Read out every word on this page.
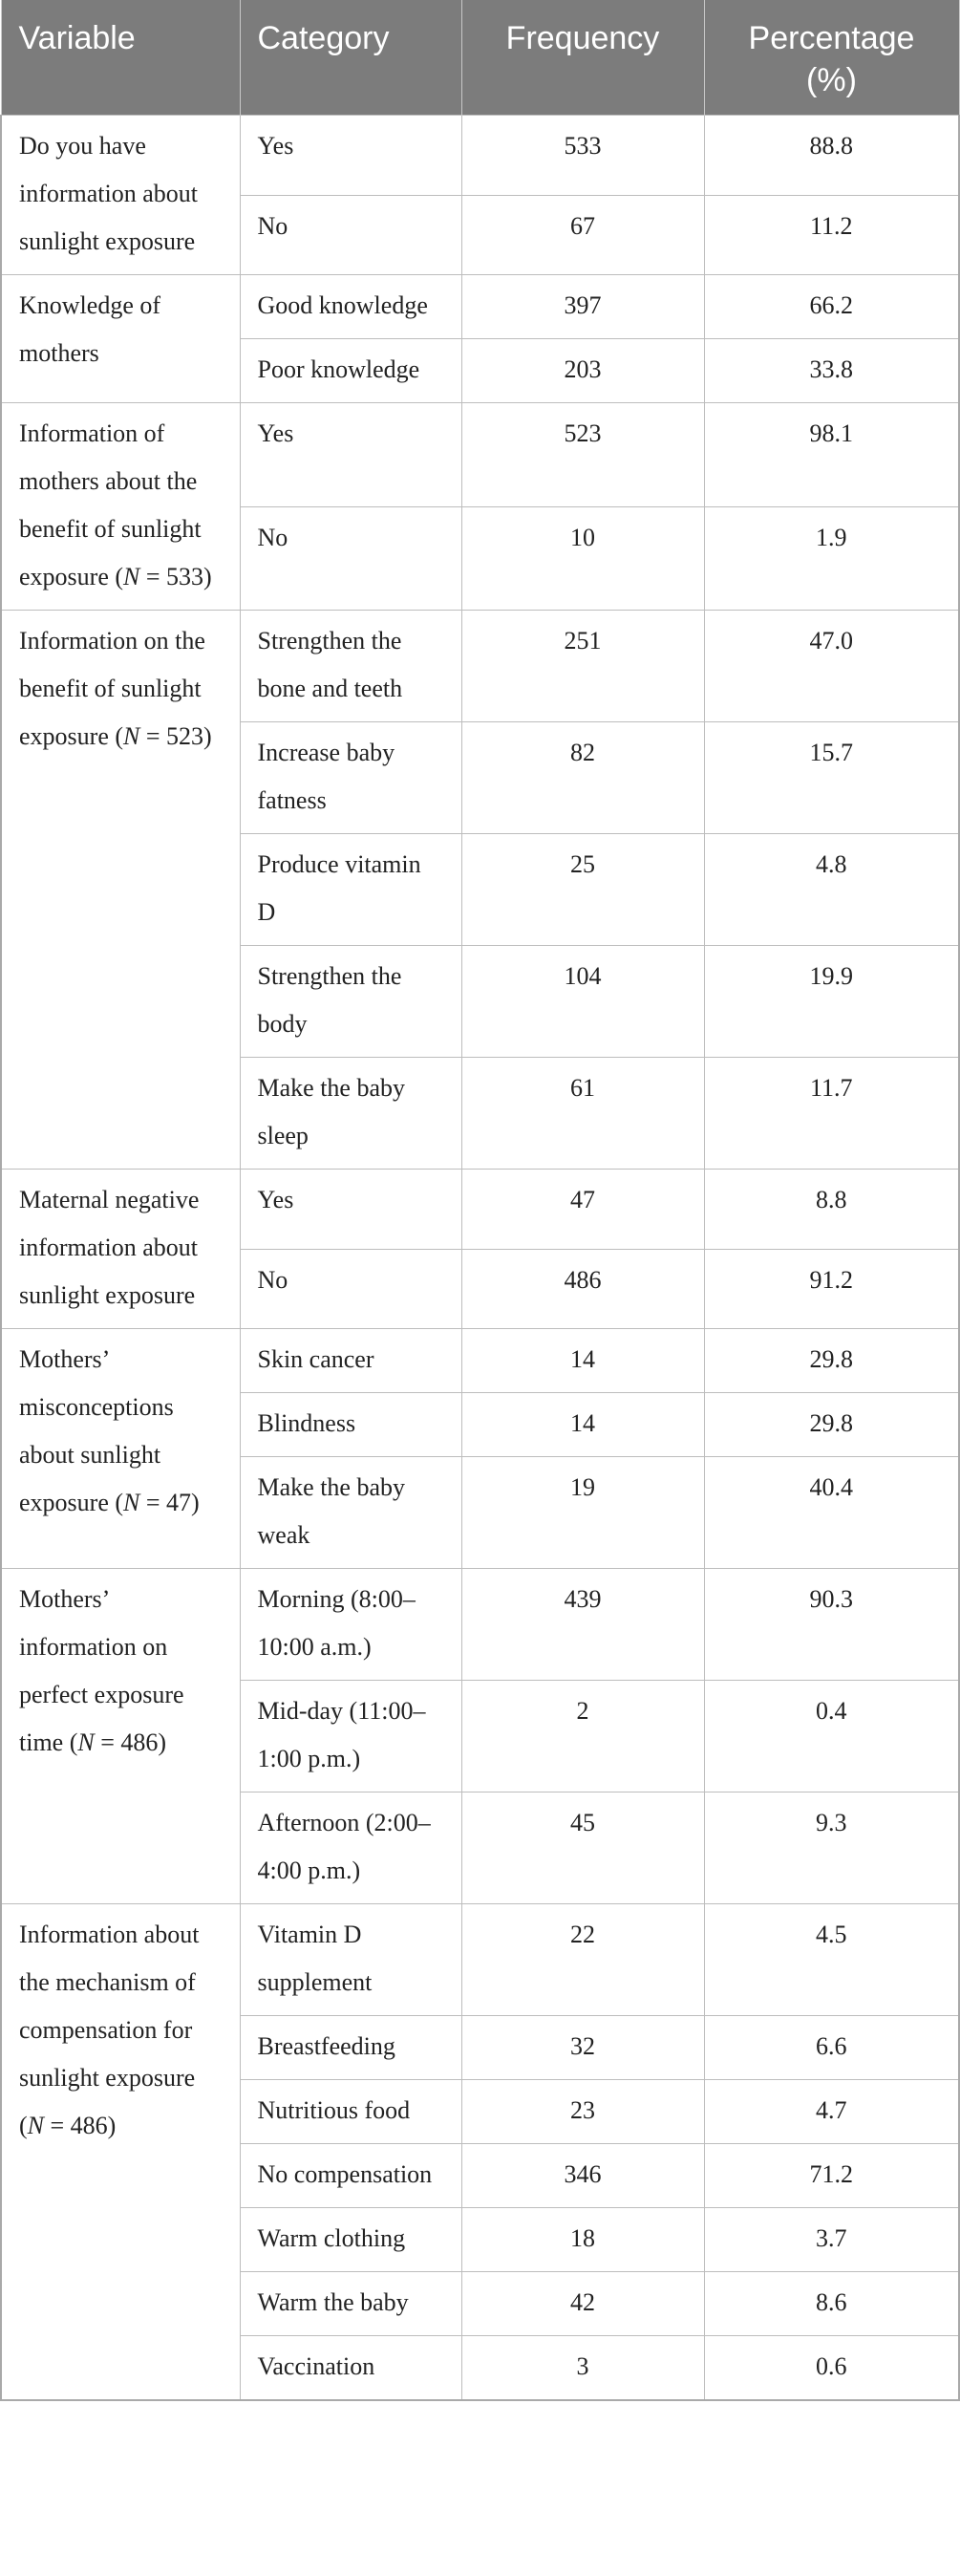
Variable	Category	Frequency	Percentage (%)
Do you have information about sunlight exposure	Yes	533	88.8
	No	67	11.2
Knowledge of mothers	Good knowledge	397	66.2
	Poor knowledge	203	33.8
Information of mothers about the benefit of sunlight exposure (N = 533)	Yes	523	98.1
	No	10	1.9
Information on the benefit of sunlight exposure (N = 523)	Strengthen the bone and teeth	251	47.0
	Increase baby fatness	82	15.7
	Produce vitamin D	25	4.8
	Strengthen the body	104	19.9
	Make the baby sleep	61	11.7
Maternal negative information about sunlight exposure	Yes	47	8.8
	No	486	91.2
Mothers’ misconceptions about sunlight exposure (N = 47)	Skin cancer	14	29.8
	Blindness	14	29.8
	Make the baby weak	19	40.4
Mothers’ information on perfect exposure time (N = 486)	Morning (8:00–10:00 a.m.)	439	90.3
	Mid-day (11:00–1:00 p.m.)	2	0.4
	Afternoon (2:00–4:00 p.m.)	45	9.3
Information about the mechanism of compensation for sunlight exposure (N = 486)	Vitamin D supplement	22	4.5
	Breastfeeding	32	6.6
	Nutritious food	23	4.7
	No compensation	346	71.2
	Warm clothing	18	3.7
	Warm the baby	42	8.6
	Vaccination	3	0.6
